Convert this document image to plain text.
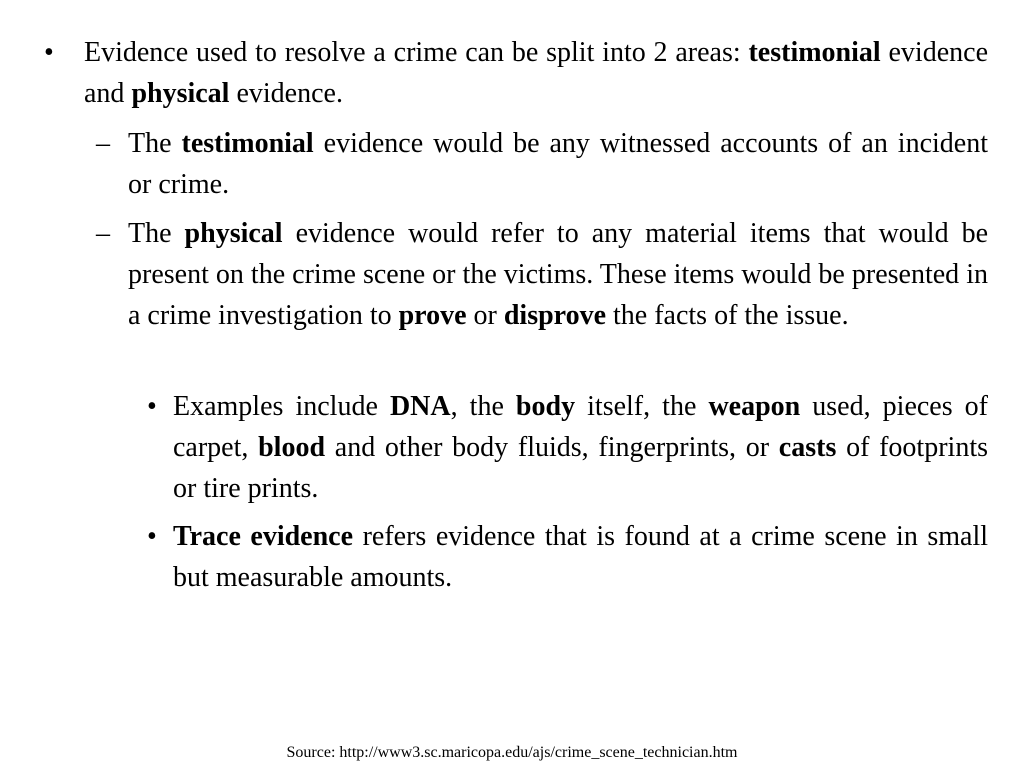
• Evidence used to resolve a crime can be split into 2 areas: testimonial evidence and physical evidence.
– The testimonial evidence would be any witnessed accounts of an incident or crime.
– The physical evidence would refer to any material items that would be present on the crime scene or the victims. These items would be presented in a crime investigation to prove or disprove the facts of the issue.
• Examples include DNA, the body itself, the weapon used, pieces of carpet, blood and other body fluids, fingerprints, or casts of footprints or tire prints.
• Trace evidence refers evidence that is found at a crime scene in small but measurable amounts.
Source: http://www3.sc.maricopa.edu/ajs/crime_scene_technician.htm
